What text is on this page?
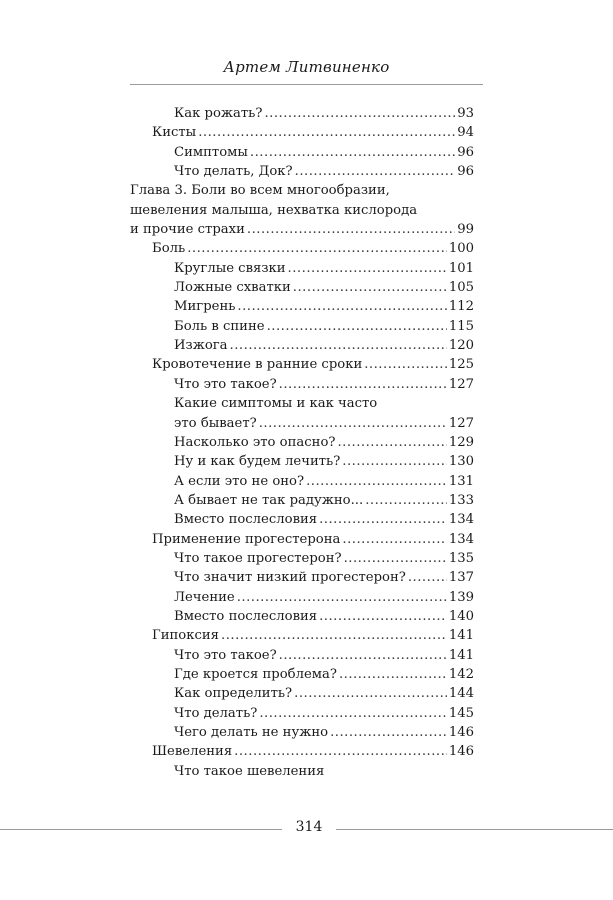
Артем Литвиненко
Как рожать? .....	93
Кисты .....	94
Симптомы .....	96
Что делать, Док? .....	96
Глава 3. Боли во всем многообразии,
шевеления малыша, нехватка кислорода
и прочие страхи .....	99
Боль .....	100
Круглые связки .....	101
Ложные схватки .....	105
Мигрень .....	112
Боль в спине .....	115
Изжога .....	120
Кровотечение в ранние сроки .....	125
Что это такое? .....	127
Какие симптомы и как часто
это бывает? .....	127
Насколько это опасно? .....	129
Ну и как будем лечить? .....	130
А если это не оно? .....	131
А бывает не так радужно... .....	133
Вместо послесловия .....	134
Применение прогестерона .....	134
Что такое прогестерон? .....	135
Что значит низкий прогестерон? .....	137
Лечение .....	139
Вместо послесловия .....	140
Гипоксия .....	141
Что это такое? .....	141
Где кроется проблема? .....	142
Как определить? .....	144
Что делать? .....	145
Чего делать не нужно .....	146
Шевеления .....	146
Что такое шевеления
314
